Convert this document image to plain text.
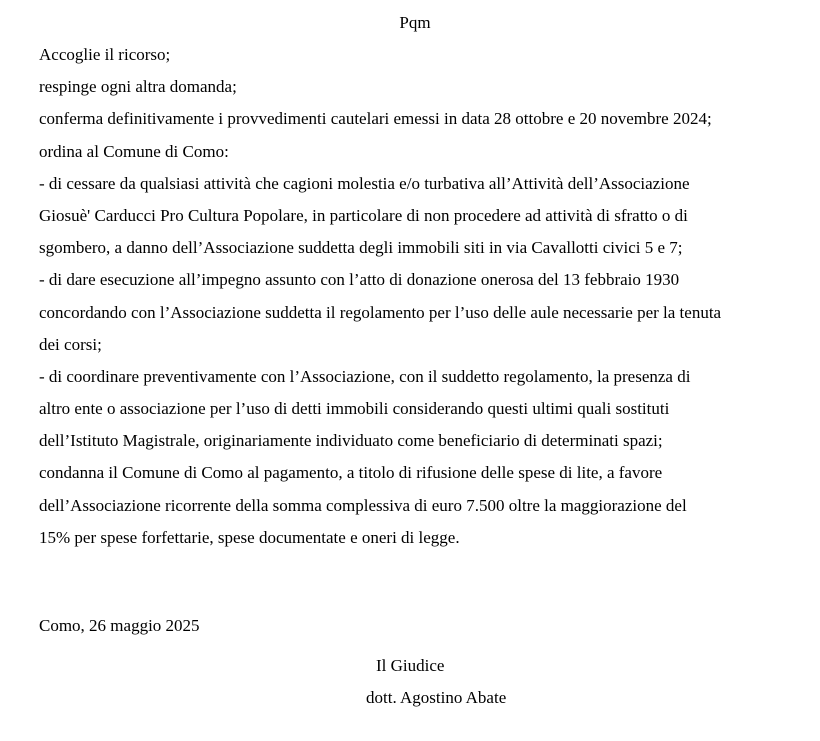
Pqm
Accoglie il ricorso;
respinge ogni altra domanda;
conferma definitivamente i provvedimenti cautelari emessi in data 28 ottobre e 20 novembre 2024;
ordina al Comune di Como:
- di cessare da qualsiasi attività che cagioni molestia e/o turbativa all’Attività dell’Associazione
Giosuè' Carducci Pro Cultura Popolare, in particolare di non procedere ad attività di sfratto o di
sgombero, a danno dell’Associazione suddetta degli immobili siti in via Cavallotti civici 5 e 7;
- di dare esecuzione all’impegno assunto con l’atto di donazione onerosa del 13 febbraio 1930
concordando con l’Associazione suddetta il regolamento per l’uso delle aule necessarie per la tenuta
dei corsi;
- di coordinare preventivamente con l’Associazione, con il suddetto regolamento, la presenza di
altro ente o associazione per l’uso di detti immobili considerando questi ultimi quali sostituti
dell’Istituto Magistrale, originariamente individuato come beneficiario di determinati spazi;
condanna il Comune di Como al pagamento, a titolo di rifusione delle spese di lite, a favore
dell’Associazione ricorrente della somma complessiva di euro 7.500 oltre la maggiorazione del
15% per spese forfettarie, spese documentate e oneri di legge.
Como, 26 maggio 2025
Il Giudice
dott. Agostino Abate
